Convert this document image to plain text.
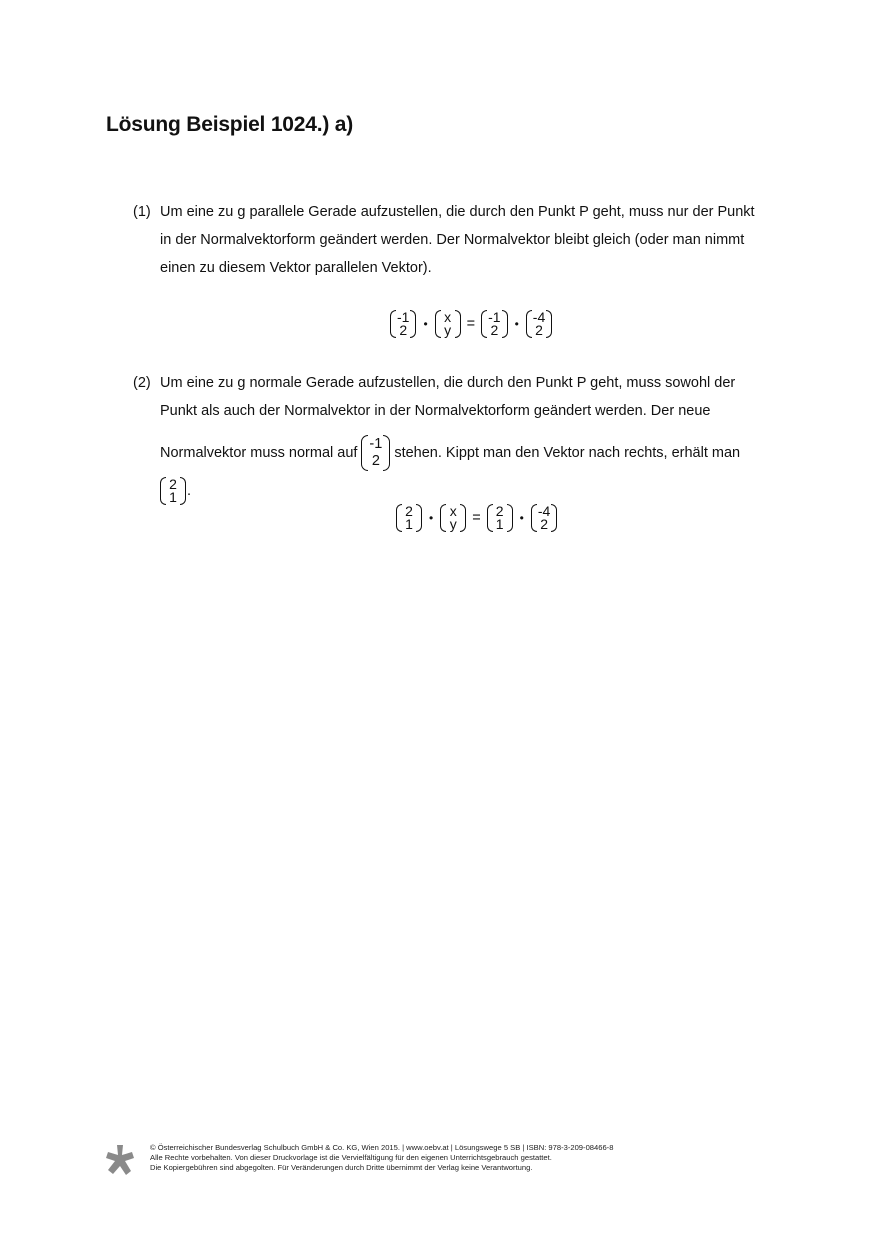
Lösung Beispiel 1024.) a)
(1) Um eine zu g parallele Gerade aufzustellen, die durch den Punkt P geht, muss nur der Punkt
in der Normalvektorform geändert werden. Der Normalvektor bleibt gleich (oder man nimmt
einen zu diesem Vektor parallelen Vektor).
-1
2 • x
y = -1
2 • -4
2
(2) Um eine zu g normale Gerade aufzustellen, die durch den Punkt P geht, muss sowohl der
Punkt als auch der Normalvektor in der Normalvektorform geändert werden. Der neue
Normalvektor muss normal auf
-1
2 stehen. Kippt man den Vektor nach rechts, erhält man
2
1 .
2
1 • x
y = 2
1 • -4
2
© Österreichischer Bundesverlag Schulbuch GmbH & Co. KG, Wien 2015. | www.oebv.at | Lösungswege 5 SB | ISBN: 978-3-209-08466-8
Alle Rechte vorbehalten. Von dieser Druckvorlage ist die Vervielfältigung für den eigenen Unterrichtsgebrauch gestattet.
Die Kopiergebühren sind abgegolten. Für Veränderungen durch Dritte übernimmt der Verlag keine Verantwortung.
